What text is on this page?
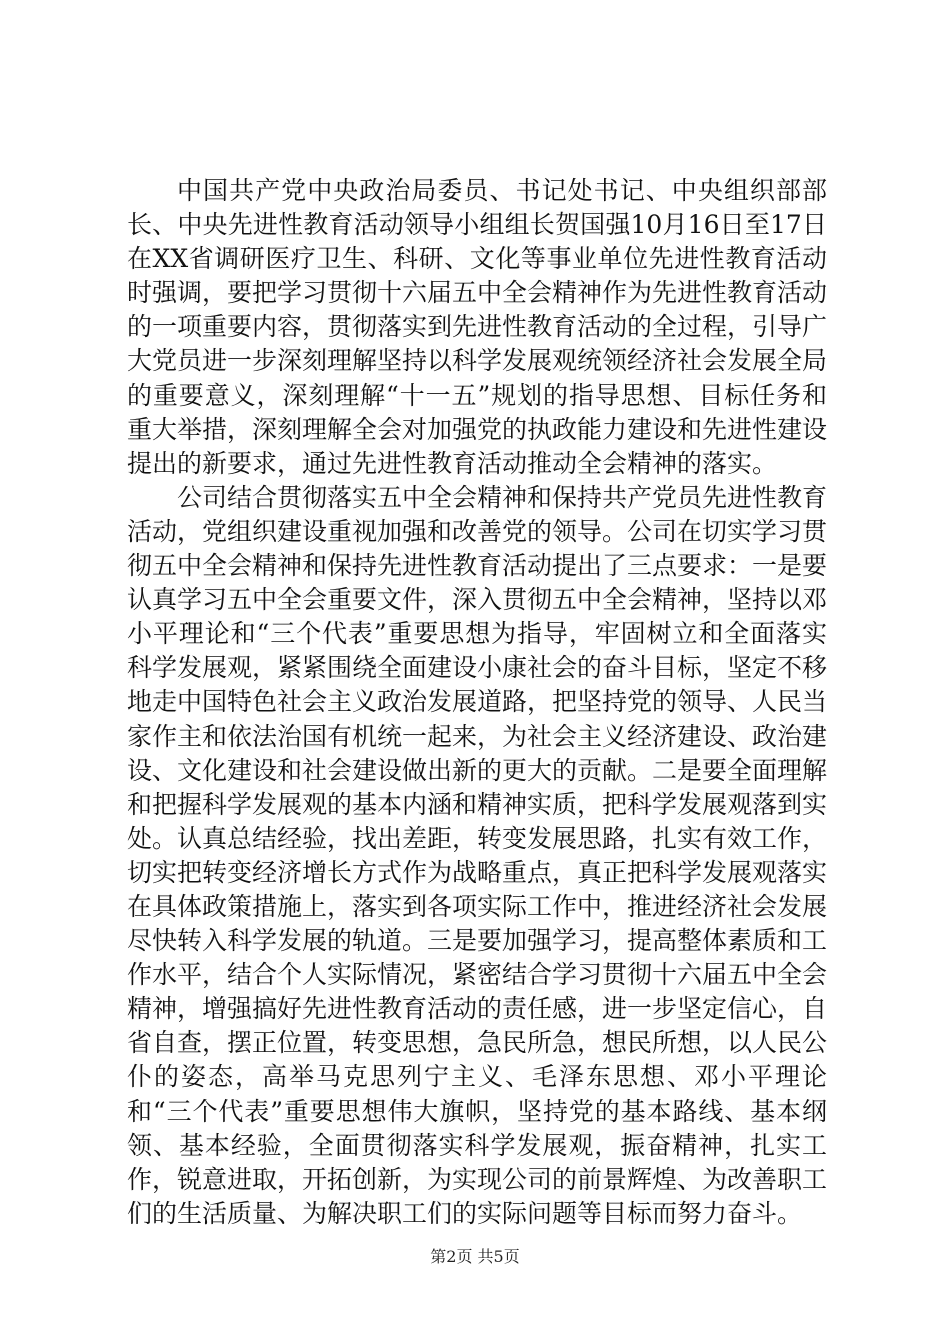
中国共产党中央政治局委员、书记处书记、中央组织部部长、中央先进性教育活动领导小组组长贺国强10月16日至17日在XX省调研医疗卫生、科研、文化等事业单位先进性教育活动时强调，要把学习贯彻十六届五中全会精神作为先进性教育活动的一项重要内容，贯彻落实到先进性教育活动的全过程，引导广大党员进一步深刻理解坚持以科学发展观统领经济社会发展全局的重要意义，深刻理解“十一五”规划的指导思想、目标任务和重大举措，深刻理解全会对加强党的执政能力建设和先进性建设提出的新要求，通过先进性教育活动推动全会精神的落实。

公司结合贯彻落实五中全会精神和保持共产党员先进性教育活动，党组织建设重视加强和改善党的领导。公司在切实学习贯彻五中全会精神和保持先进性教育活动提出了三点要求：一是要认真学习五中全会重要文件，深入贯彻五中全会精神，坚持以邓小平理论和“三个代表”重要思想为指导，牢固树立和全面落实科学发展观，紧紧围绕全面建设小康社会的奋斗目标，坚定不移地走中国特色社会主义政治发展道路，把坚持党的领导、人民当家作主和依法治国有机统一起来，为社会主义经济建设、政治建设、文化建设和社会建设做出新的更大的贡献。二是要全面理解和把握科学发展观的基本内涵和精神实质，把科学发展观落到实处。认真总结经验，找出差距，转变发展思路，扎实有效工作，切实把转变经济增长方式作为战略重点，真正把科学发展观落实在具体政策措施上，落实到各项实际工作中，推进经济社会发展尽快转入科学发展的轨道。三是要加强学习，提高整体素质和工作水平，结合个人实际情况，紧密结合学习贯彻十六届五中全会精神，增强搞好先进性教育活动的责任感，进一步坚定信心，自省自查，摆正位置，转变思想，急民所急，想民所想，以人民公仆的姿态，高举马克思列宁主义、毛泽东思想、邓小平理论和“三个代表”重要思想伟大旗帜，坚持党的基本路线、基本纲领、基本经验，全面贯彻落实科学发展观，振奋精神，扎实工作，锐意进取，开拓创新，为实现公司的前景辉煌、为改善职工们的生活质量、为解决职工们的实际问题等目标而努力奋斗。

第2页 共5页
